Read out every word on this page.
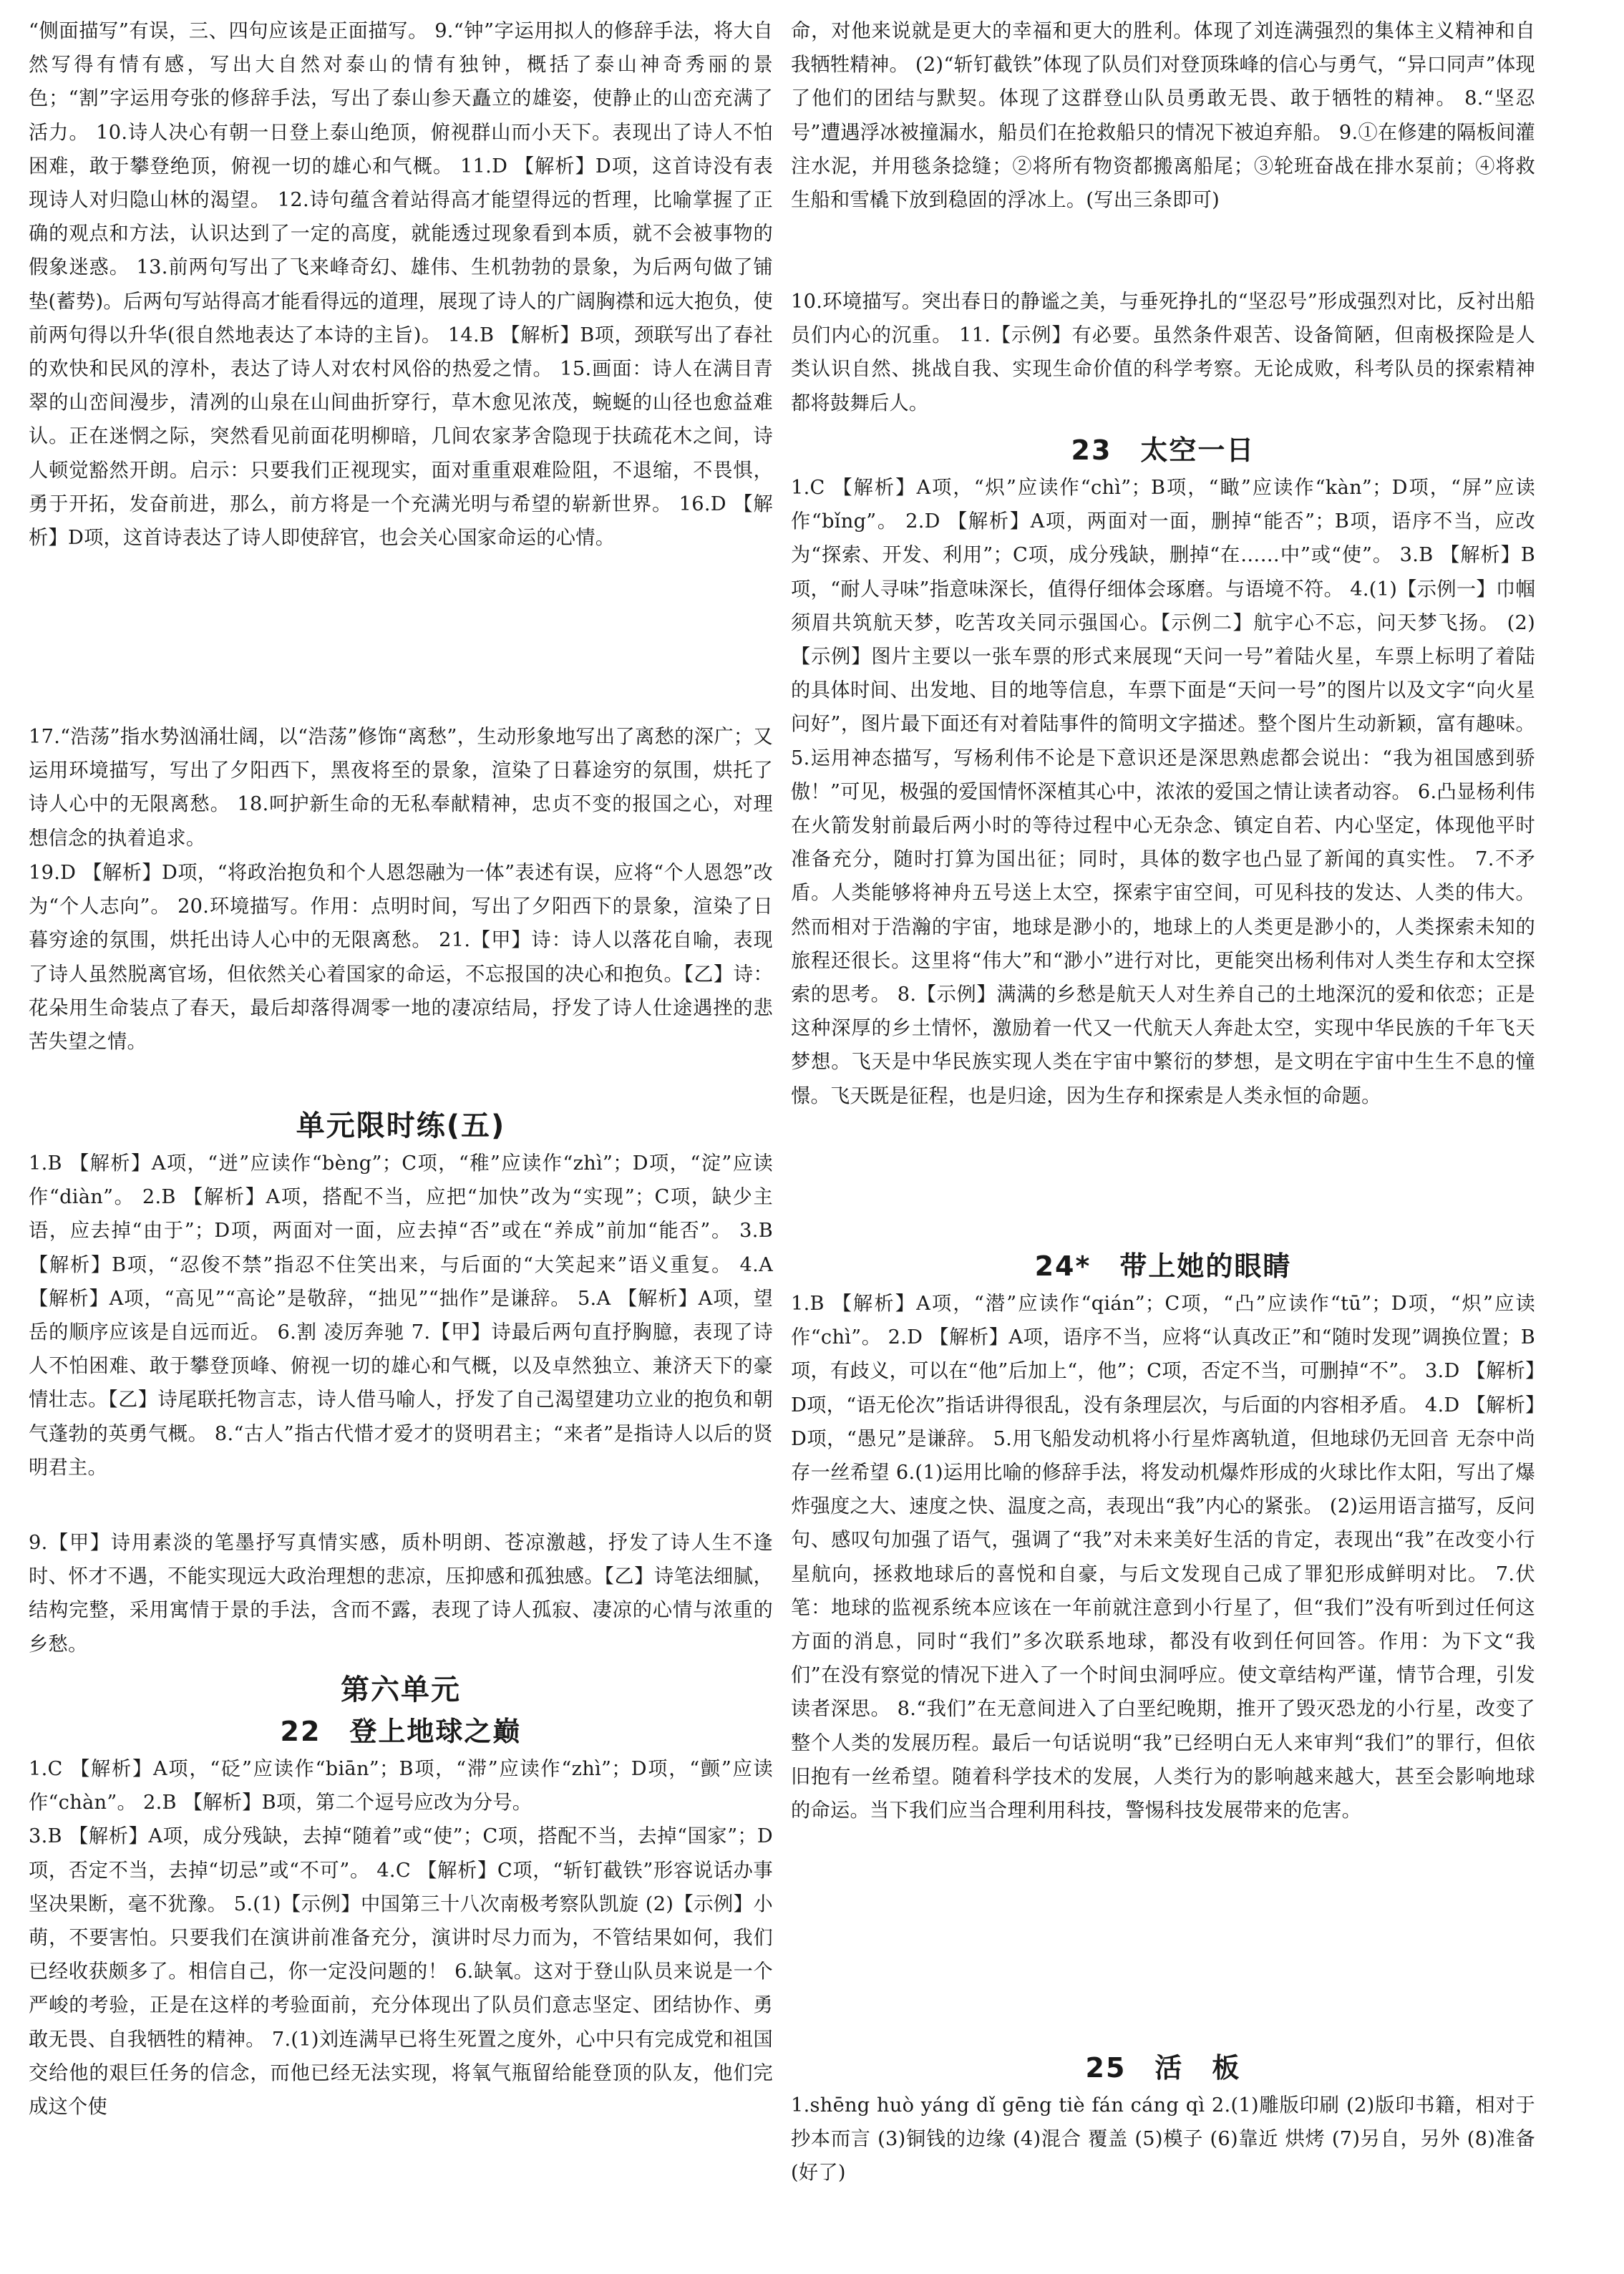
“侧面描写”有误，三、四句应该是正面描写。 9.“钟”字运用拟人的修辞手法，将大自然写得有情有感，写出大自然对泰山的情有独钟，概括了泰山神奇秀丽的景色；“割”字运用夸张的修辞手法，写出了泰山参天矗立的雄姿，使静止的山峦充满了活力。 10.诗人决心有朝一日登上泰山绝顶，俯视群山而小天下。表现出了诗人不怕困难，敢于攀登绝顶，俯视一切的雄心和气概。 11.D 【解析】D项，这首诗没有表现诗人对归隐山林的渴望。 12.诗句蕴含着站得高才能望得远的哲理，比喻掌握了正确的观点和方法，认识达到了一定的高度，就能透过现象看到本质，就不会被事物的假象迷惑。 13.前两句写出了飞来峰奇幻、雄伟、生机勃勃的景象，为后两句做了铺垫(蓄势)。后两句写站得高才能看得远的道理，展现了诗人的广阔胸襟和远大抱负，使前两句得以升华(很自然地表达了本诗的主旨)。 14.B 【解析】B项，颈联写出了春社的欢快和民风的淳朴，表达了诗人对农村风俗的热爱之情。 15.画面：诗人在满目青翠的山峦间漫步，清冽的山泉在山间曲折穿行，草木愈见浓茂，蜿蜒的山径也愈益难认。正在迷惘之际，突然看见前面花明柳暗，几间农家茅舍隐现于扶疏花木之间，诗人顿觉豁然开朗。启示：只要我们正视现实，面对重重艰难险阻，不退缩，不畏惧，勇于开拓，发奋前进，那么，前方将是一个充满光明与希望的崭新世界。 16.D 【解析】D项，这首诗表达了诗人即使辞官，也会关心国家命运的心情。

17.“浩荡”指水势汹涌壮阔，以“浩荡”修饰“离愁”，生动形象地写出了离愁的深广；又运用环境描写，写出了夕阳西下，黑夜将至的景象，渲染了日暮途穷的氛围，烘托了诗人心中的无限离愁。 18.呵护新生命的无私奉献精神，忠贞不变的报国之心，对理想信念的执着追求。

19.D 【解析】D项，“将政治抱负和个人恩怨融为一体”表述有误，应将“个人恩怨”改为“个人志向”。 20.环境描写。作用：点明时间，写出了夕阳西下的景象，渲染了日暮穷途的氛围，烘托出诗人心中的无限离愁。 21.【甲】诗：诗人以落花自喻，表现了诗人虽然脱离官场，但依然关心着国家的命运，不忘报国的决心和抱负。【乙】诗：花朵用生命装点了春天，最后却落得凋零一地的凄凉结局，抒发了诗人仕途遇挫的悲苦失望之情。

单元限时练(五)

1.B 【解析】A项，“迸”应读作“bèng”；C项，“稚”应读作“zhì”；D项，“淀”应读作“diàn”。 2.B 【解析】A项，搭配不当，应把“加快”改为“实现”；C项，缺少主语，应去掉“由于”；D项，两面对一面，应去掉“否”或在“养成”前加“能否”。 3.B 【解析】B项，“忍俊不禁”指忍不住笑出来，与后面的“大笑起来”语义重复。 4.A 【解析】A项，“高见”“高论”是敬辞，“拙见”“拙作”是谦辞。 5.A 【解析】A项，望岳的顺序应该是自远而近。 6.割 凌厉奔驰 7.【甲】诗最后两句直抒胸臆，表现了诗人不怕困难、敢于攀登顶峰、俯视一切的雄心和气概，以及卓然独立、兼济天下的豪情壮志。【乙】诗尾联托物言志，诗人借马喻人，抒发了自己渴望建功立业的抱负和朝气蓬勃的英勇气概。 8.“古人”指古代惜才爱才的贤明君主；“来者”是指诗人以后的贤明君主。

9.【甲】诗用素淡的笔墨抒写真情实感，质朴明朗、苍凉激越，抒发了诗人生不逢时、怀才不遇，不能实现远大政治理想的悲凉，压抑感和孤独感。【乙】诗笔法细腻，结构完整，采用寓情于景的手法，含而不露，表现了诗人孤寂、凄凉的心情与浓重的乡愁。

第六单元
22　登上地球之巅

1.C 【解析】A项，“砭”应读作“biān”；B项，“滞”应读作“zhì”；D项，“颤”应读作“chàn”。 2.B 【解析】B项，第二个逗号应改为分号。

3.B 【解析】A项，成分残缺，去掉“随着”或“使”；C项，搭配不当，去掉“国家”；D项，否定不当，去掉“切忌”或“不可”。 4.C 【解析】C项，“斩钉截铁”形容说话办事坚决果断，毫不犹豫。 5.(1)【示例】中国第三十八次南极考察队凯旋 (2)【示例】小萌，不要害怕。只要我们在演讲前准备充分，演讲时尽力而为，不管结果如何，我们已经收获颇多了。相信自己，你一定没问题的！ 6.缺氧。这对于登山队员来说是一个严峻的考验，正是在这样的考验面前，充分体现出了队员们意志坚定、团结协作、勇敢无畏、自我牺牲的精神。 7.(1)刘连满早已将生死置之度外，心中只有完成党和祖国交给他的艰巨任务的信念，而他已经无法实现，将氧气瓶留给能登顶的队友，他们完成这个使

命，对他来说就是更大的幸福和更大的胜利。体现了刘连满强烈的集体主义精神和自我牺牲精神。 (2)“斩钉截铁”体现了队员们对登顶珠峰的信心与勇气，“异口同声”体现了他们的团结与默契。体现了这群登山队员勇敢无畏、敢于牺牲的精神。 8.“坚忍号”遭遇浮冰被撞漏水，船员们在抢救船只的情况下被迫弃船。 9.①在修建的隔板间灌注水泥，并用毯条捻缝；②将所有物资都搬离船尾；③轮班奋战在排水泵前；④将救生船和雪橇下放到稳固的浮冰上。(写出三条即可)

10.环境描写。突出春日的静谧之美，与垂死挣扎的“坚忍号”形成强烈对比，反衬出船员们内心的沉重。 11.【示例】有必要。虽然条件艰苦、设备简陋，但南极探险是人类认识自然、挑战自我、实现生命价值的科学考察。无论成败，科考队员的探索精神都将鼓舞后人。

23　太空一日

1.C 【解析】A项，“炽”应读作“chì”；B项，“瞰”应读作“kàn”；D项，“屏”应读作“bǐng”。 2.D 【解析】A项，两面对一面，删掉“能否”；B项，语序不当，应改为“探索、开发、利用”；C项，成分残缺，删掉“在……中”或“使”。 3.B 【解析】B项，“耐人寻味”指意味深长，值得仔细体会琢磨。与语境不符。 4.(1)【示例一】巾帼须眉共筑航天梦，吃苦攻关同示强国心。【示例二】航宇心不忘，问天梦飞扬。 (2)【示例】图片主要以一张车票的形式来展现“天问一号”着陆火星，车票上标明了着陆的具体时间、出发地、目的地等信息，车票下面是“天问一号”的图片以及文字“向火星问好”，图片最下面还有对着陆事件的简明文字描述。整个图片生动新颖，富有趣味。 5.运用神态描写，写杨利伟不论是下意识还是深思熟虑都会说出：“我为祖国感到骄傲！”可见，极强的爱国情怀深植其心中，浓浓的爱国之情让读者动容。 6.凸显杨利伟在火箭发射前最后两小时的等待过程中心无杂念、镇定自若、内心坚定，体现他平时准备充分，随时打算为国出征；同时，具体的数字也凸显了新闻的真实性。 7.不矛盾。人类能够将神舟五号送上太空，探索宇宙空间，可见科技的发达、人类的伟大。然而相对于浩瀚的宇宙，地球是渺小的，地球上的人类更是渺小的，人类探索未知的旅程还很长。这里将“伟大”和“渺小”进行对比，更能突出杨利伟对人类生存和太空探索的思考。 8.【示例】满满的乡愁是航天人对生养自己的土地深沉的爱和依恋；正是这种深厚的乡土情怀，激励着一代又一代航天人奔赴太空，实现中华民族的千年飞天梦想。飞天是中华民族实现人类在宇宙中繁衍的梦想，是文明在宇宙中生生不息的憧憬。飞天既是征程，也是归途，因为生存和探索是人类永恒的命题。

24*　带上她的眼睛

1.B 【解析】A项，“潜”应读作“qián”；C项，“凸”应读作“tū”；D项，“炽”应读作“chì”。 2.D 【解析】A项，语序不当，应将“认真改正”和“随时发现”调换位置；B项，有歧义，可以在“他”后加上“，他”；C项，否定不当，可删掉“不”。 3.D 【解析】D项，“语无伦次”指话讲得很乱，没有条理层次，与后面的内容相矛盾。 4.D 【解析】D项，“愚兄”是谦辞。 5.用飞船发动机将小行星炸离轨道，但地球仍无回音 无奈中尚存一丝希望 6.(1)运用比喻的修辞手法，将发动机爆炸形成的火球比作太阳，写出了爆炸强度之大、速度之快、温度之高，表现出“我”内心的紧张。 (2)运用语言描写，反问句、感叹句加强了语气，强调了“我”对未来美好生活的肯定，表现出“我”在改变小行星航向，拯救地球后的喜悦和自豪，与后文发现自己成了罪犯形成鲜明对比。 7.伏笔：地球的监视系统本应该在一年前就注意到小行星了，但“我们”没有听到过任何这方面的消息，同时“我们”多次联系地球，都没有收到任何回答。作用：为下文“我们”在没有察觉的情况下进入了一个时间虫洞呼应。使文章结构严谨，情节合理，引发读者深思。 8.“我们”在无意间进入了白垩纪晚期，推开了毁灭恐龙的小行星，改变了整个人类的发展历程。最后一句话说明“我”已经明白无人来审判“我们”的罪行，但依旧抱有一丝希望。随着科学技术的发展，人类行为的影响越来越大，甚至会影响地球的命运。当下我们应当合理利用科技，警惕科技发展带来的危害。

25　活　板

1.shēng huò yáng dǐ gēng tiè fán cáng qì 2.(1)雕版印刷 (2)版印书籍，相对于抄本而言 (3)铜钱的边缘 (4)混合 覆盖 (5)模子 (6)靠近 烘烤 (7)另自，另外 (8)准备(好了)
